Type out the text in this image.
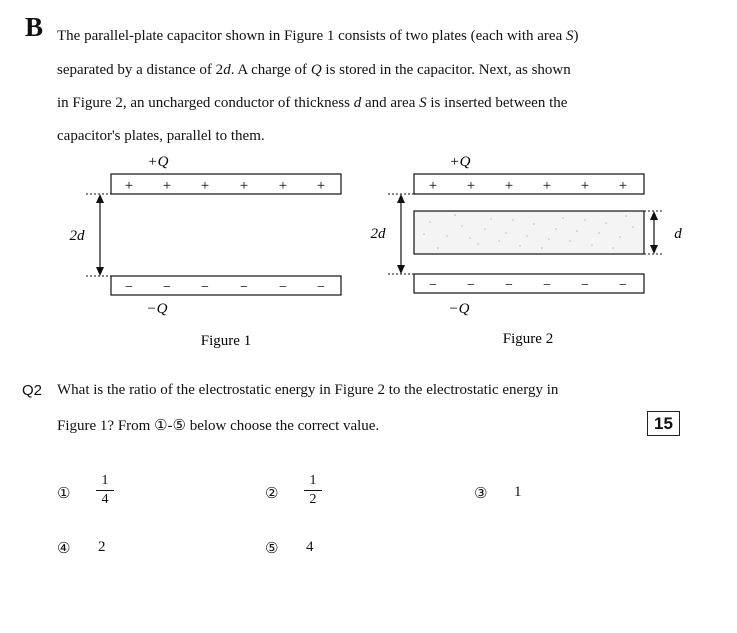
B The parallel-plate capacitor shown in Figure 1 consists of two plates (each with area S)
separated by a distance of 2d. A charge of Q is stored in the capacitor. Next, as shown
in Figure 2, an uncharged conductor of thickness d and area S is inserted between the
capacitor's plates, parallel to them.
+Q
+ + + + + +
− − − − − −
2d
−Q
+Q
+ + + + + +
− − − − − −
2d	d
−Q
Figure 1	Figure 2
Q2 What is the ratio of the electrostatic energy in Figure 2 to the electrostatic energy in
Figure 1? From ①-⑤ below choose the correct value.	15
①
1
4	②
1
2	③ 1
④ 2	⑤ 4
